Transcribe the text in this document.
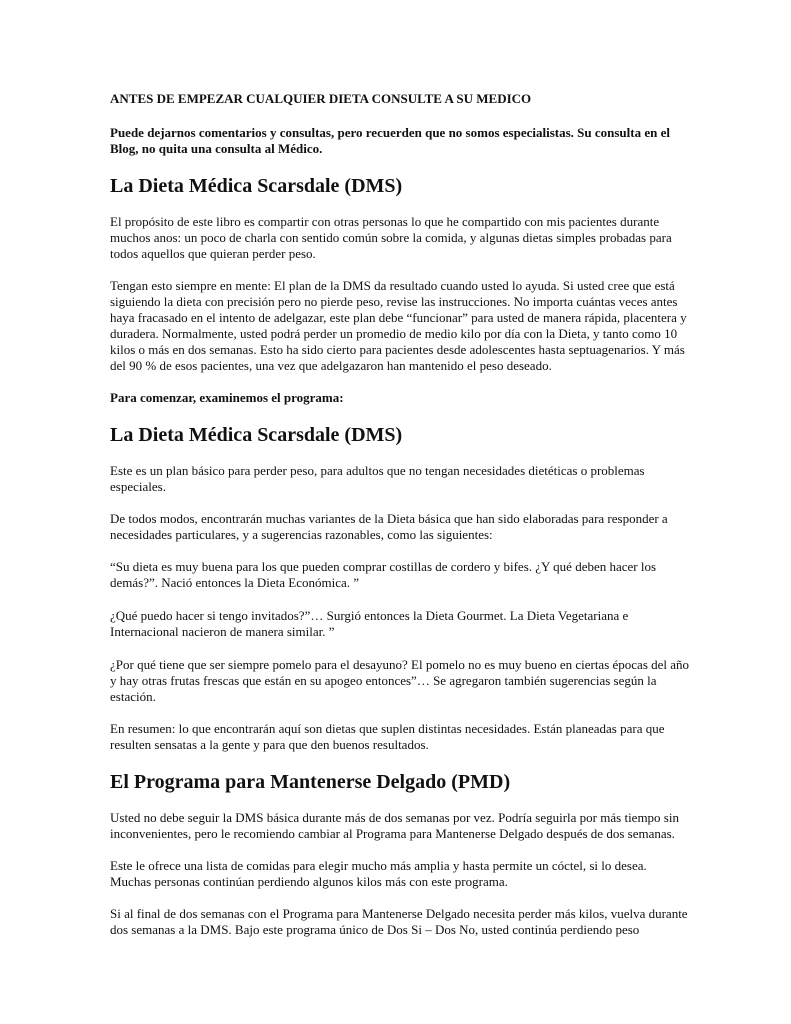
ANTES DE EMPEZAR CUALQUIER DIETA CONSULTE A SU MEDICO

Puede dejarnos comentarios y consultas, pero recuerden que no somos especialistas. Su consulta en el Blog, no quita una consulta al Médico.

La Dieta Médica Scarsdale (DMS)

El propósito de este libro es compartir con otras personas lo que he compartido con mis pacientes durante muchos anos: un poco de charla con sentido común sobre la comida, y algunas dietas simples probadas para todos aquellos que quieran perder peso.

Tengan esto siempre en mente: El plan de la DMS da resultado cuando usted lo ayuda. Si usted cree que está siguiendo la dieta con precisión pero no pierde peso, revise las instrucciones. No importa cuántas veces antes haya fracasado en el intento de adelgazar, este plan debe “funcionar” para usted de manera rápida, placentera y duradera. Normalmente, usted podrá perder un promedio de medio kilo por día con la Dieta, y tanto como 10 kilos o más en dos semanas. Esto ha sido cierto para pacientes desde adolescentes hasta septuagenarios. Y más del 90 % de esos pacientes, una vez que adelgazaron han mantenido el peso deseado.

Para comenzar, examinemos el programa:

La Dieta Médica Scarsdale (DMS)

Este es un plan básico para perder peso, para adultos que no tengan necesidades dietéticas o problemas especiales.

De todos modos, encontrarán muchas variantes de la Dieta básica que han sido elaboradas para responder a necesidades particulares, y a sugerencias razonables, como las siguientes:

“Su dieta es muy buena para los que pueden comprar costillas de cordero y bifes. ¿Y qué deben hacer los demás?”. Nació entonces la Dieta Económica. ”

¿Qué puedo hacer si tengo invitados?”… Surgió entonces la Dieta Gourmet. La Dieta Vegetariana e Internacional nacieron de manera similar. ”

¿Por qué tiene que ser siempre pomelo para el desayuno? El pomelo no es muy bueno en ciertas épocas del año y hay otras frutas frescas que están en su apogeo entonces”… Se agregaron también sugerencias según la estación.

En resumen: lo que encontrarán aquí son dietas que suplen distintas necesidades. Están planeadas para que resulten sensatas a la gente y para que den buenos resultados.

El Programa para Mantenerse Delgado (PMD)

Usted no debe seguir la DMS básica durante más de dos semanas por vez. Podría seguirla por más tiempo sin inconvenientes, pero le recomiendo cambiar al Programa para Mantenerse Delgado después de dos semanas.

Este le ofrece una lista de comidas para elegir mucho más amplia y hasta permite un cóctel, si lo desea. Muchas personas continúan perdiendo algunos kilos más con este programa.

Si al final de dos semanas con el Programa para Mantenerse Delgado necesita perder más kilos, vuelva durante dos semanas a la DMS. Bajo este programa único de Dos Si – Dos No, usted continúa perdiendo peso
